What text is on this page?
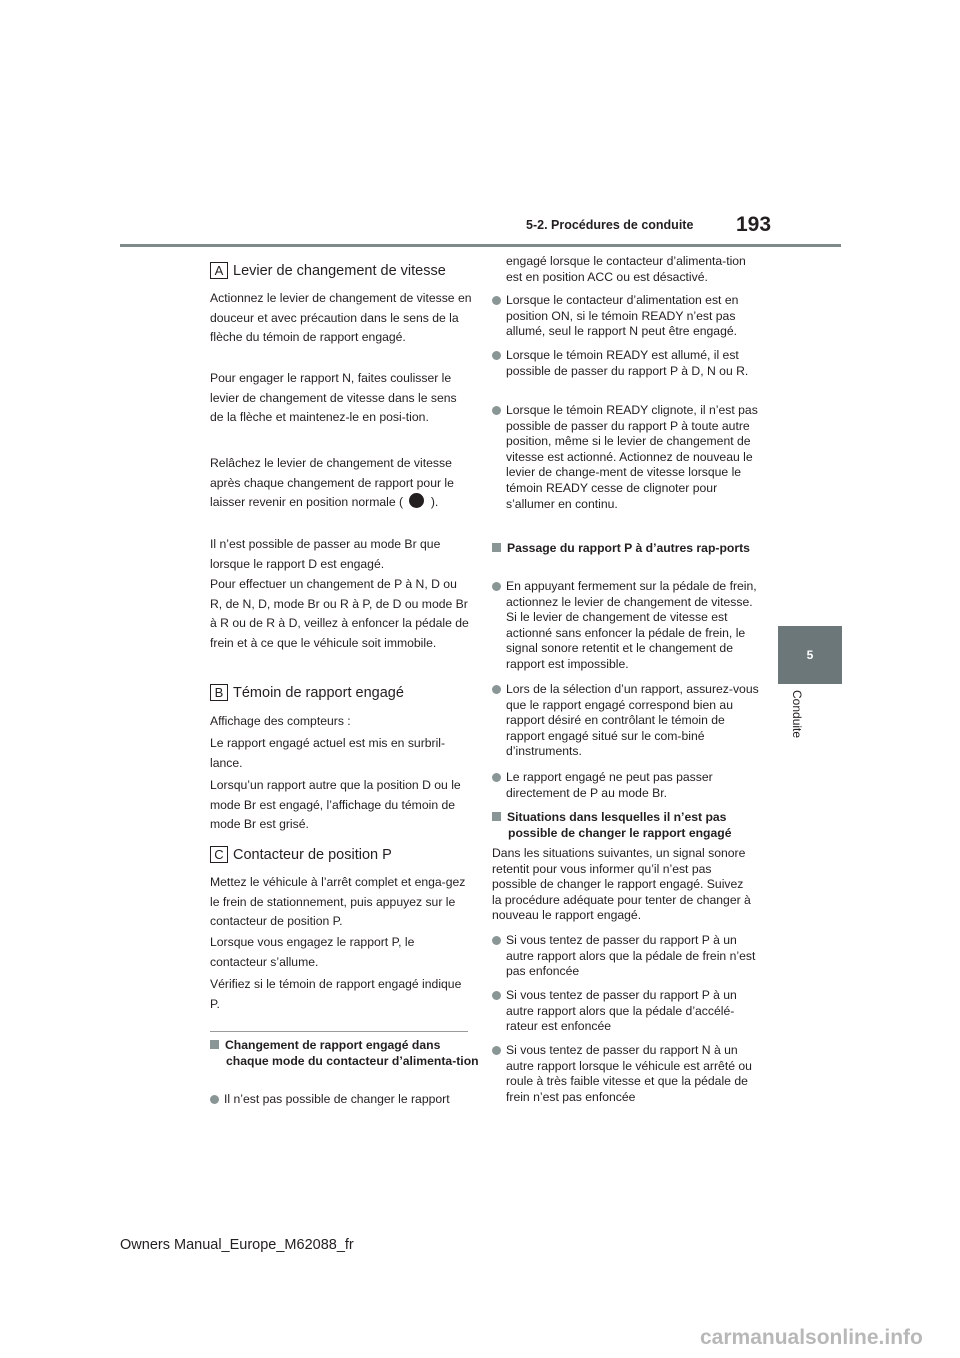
5-2. Procédures de conduite 193
5
Conduite
A Levier de changement de vitesse

Actionnez le levier de changement de vitesse en douceur et avec précaution dans le sens de la flèche du témoin de rapport engagé.

Pour engager le rapport N, faites coulisser le levier de changement de vitesse dans le sens de la flèche et maintenez-le en posi-tion.

Relâchez le levier de changement de vitesse après chaque changement de rapport pour le laisser revenir en position normale ( ).

Il n’est possible de passer au mode Br que lorsque le rapport D est engagé.

Pour effectuer un changement de P à N, D ou R, de N, D, mode Br ou R à P, de D ou mode Br à R ou de R à D, veillez à enfoncer la pédale de frein et à ce que le véhicule soit immobile.

B Témoin de rapport engagé

Affichage des compteurs :

Le rapport engagé actuel est mis en surbril-lance.

Lorsqu’un rapport autre que la position D ou le mode Br est engagé, l’affichage du témoin de mode Br est grisé.

C Contacteur de position P

Mettez le véhicule à l’arrêt complet et enga-gez le frein de stationnement, puis appuyez sur le contacteur de position P.

Lorsque vous engagez le rapport P, le contacteur s’allume.

Vérifiez si le témoin de rapport engagé indique P.

Changement de rapport engagé dans chaque mode du contacteur d’alimenta-tion
Il n’est pas possible de changer le rapport
engagé lorsque le contacteur d’alimenta-tion est en position ACC ou est désactivé.
Lorsque le contacteur d’alimentation est en position ON, si le témoin READY n’est pas allumé, seul le rapport N peut être engagé.
Lorsque le témoin READY est allumé, il est possible de passer du rapport P à D, N ou R.
Lorsque le témoin READY clignote, il n’est pas possible de passer du rapport P à toute autre position, même si le levier de changement de vitesse est actionné. Actionnez de nouveau le levier de change-ment de vitesse lorsque le témoin READY cesse de clignoter pour s’allumer en continu.
Passage du rapport P à d’autres rap-ports
En appuyant fermement sur la pédale de frein, actionnez le levier de changement de vitesse. Si le levier de changement de vitesse est actionné sans enfoncer la pédale de frein, le signal sonore retentit et le changement de rapport est impossible.
Lors de la sélection d’un rapport, assurez-vous que le rapport engagé correspond bien au rapport désiré en contrôlant le témoin de rapport engagé situé sur le com-biné d’instruments.
Le rapport engagé ne peut pas passer directement de P au mode Br.
Situations dans lesquelles il n’est pas possible de changer le rapport engagé
Dans les situations suivantes, un signal sonore retentit pour vous informer qu’il n’est pas possible de changer le rapport engagé. Suivez la procédure adéquate pour tenter de changer à nouveau le rapport engagé.
Si vous tentez de passer du rapport P à un autre rapport alors que la pédale de frein n’est pas enfoncée
Si vous tentez de passer du rapport P à un autre rapport alors que la pédale d’accélé-rateur est enfoncée
Si vous tentez de passer du rapport N à un autre rapport lorsque le véhicule est arrêté ou roule à très faible vitesse et que la pédale de frein n’est pas enfoncée
Owners Manual_Europe_M62088_fr
carmanualsonline.info
